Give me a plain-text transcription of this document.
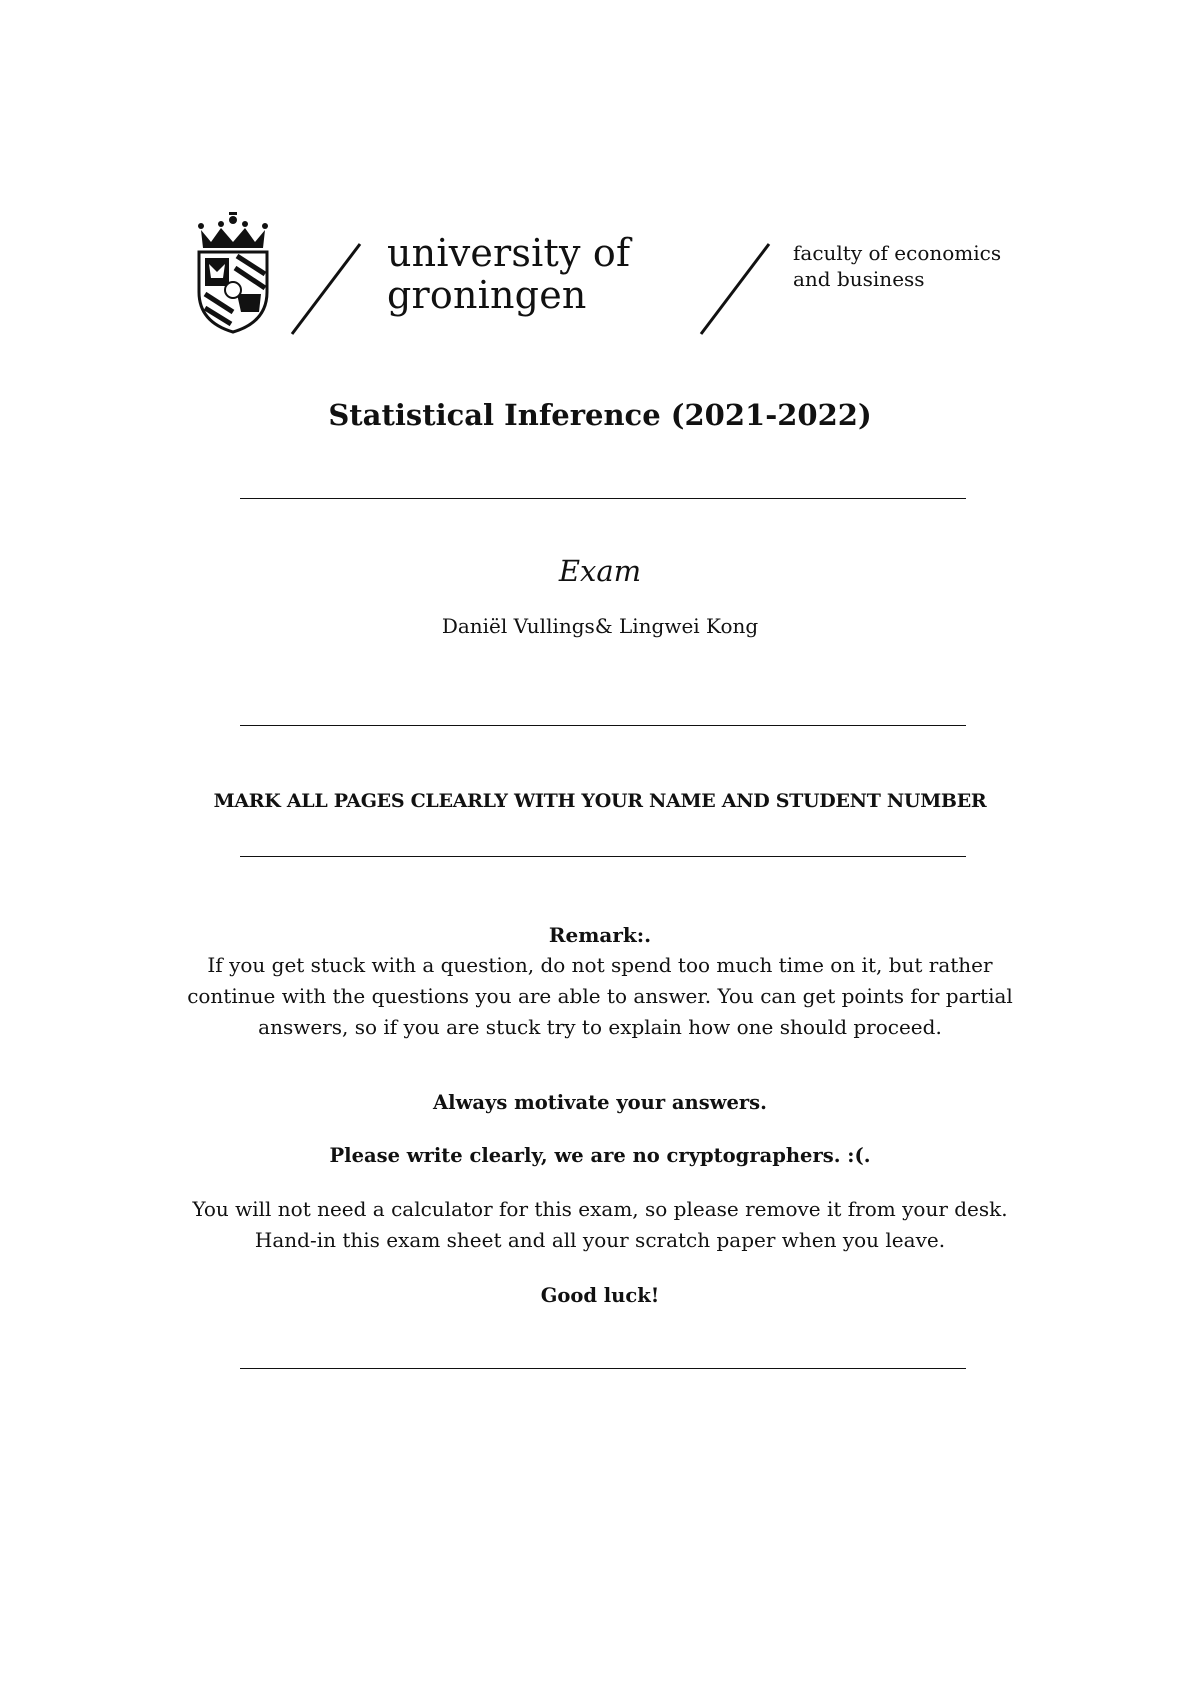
university of
groningen
faculty of economics
and business
Statistical Inference (2021-2022)
Exam
Daniël Vullings& Lingwei Kong
MARK ALL PAGES CLEARLY WITH YOUR NAME AND STUDENT NUMBER
Remark:.
If you get stuck with a question, do not spend too much time on it, but rather
continue with the questions you are able to answer. You can get points for partial
answers, so if you are stuck try to explain how one should proceed.
Always motivate your answers.
Please write clearly, we are no cryptographers. :(.
You will not need a calculator for this exam, so please remove it from your desk.
Hand-in this exam sheet and all your scratch paper when you leave.
Good luck!
